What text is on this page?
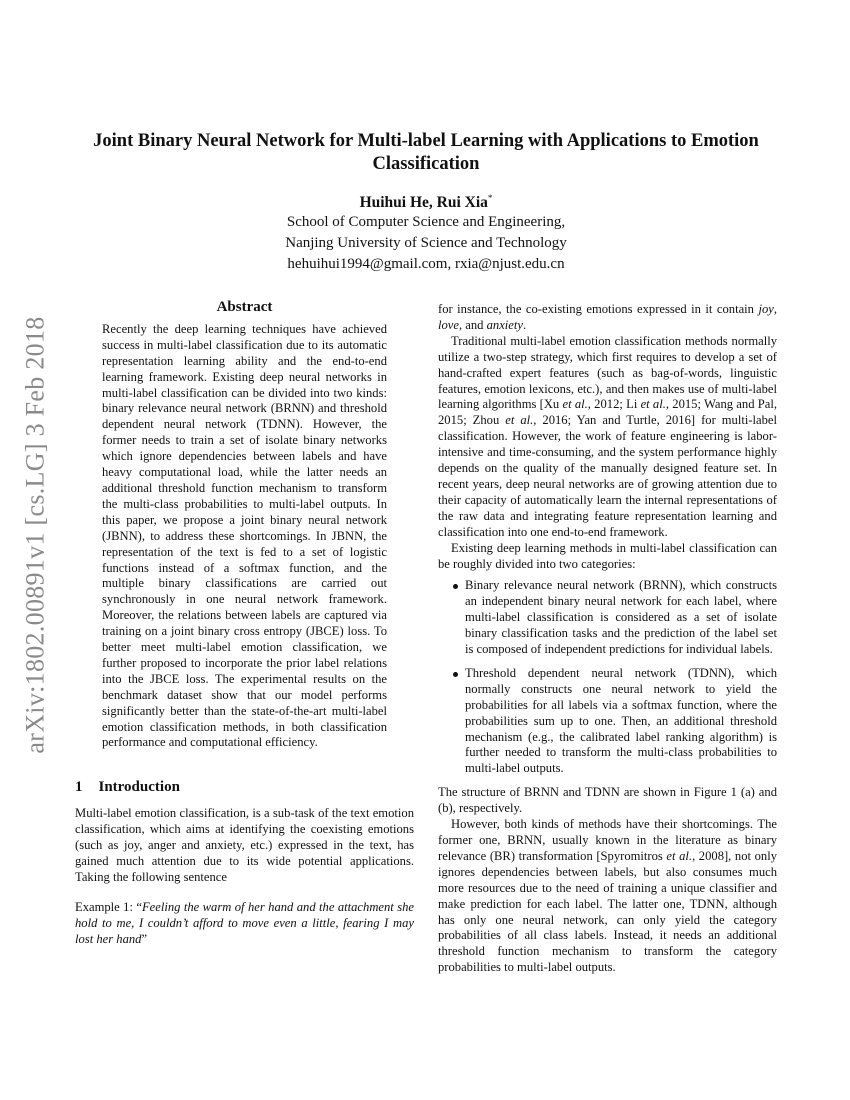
arXiv:1802.00891v1 [cs.LG] 3 Feb 2018
Joint Binary Neural Network for Multi-label Learning with Applications to Emotion Classification
Huihui He, Rui Xia*
School of Computer Science and Engineering,
Nanjing University of Science and Technology
hehuihui1994@gmail.com, rxia@njust.edu.cn
Abstract

Recently the deep learning techniques have achieved success in multi-label classification due to its automatic representation learning ability and the end-to-end learning framework. Existing deep neural networks in multi-label classification can be divided into two kinds: binary relevance neural network (BRNN) and threshold dependent neural network (TDNN). However, the former needs to train a set of isolate binary networks which ignore dependencies between labels and have heavy computational load, while the latter needs an additional threshold function mechanism to transform the multi-class probabilities to multi-label outputs. In this paper, we propose a joint binary neural network (JBNN), to address these shortcomings. In JBNN, the representation of the text is fed to a set of logistic functions instead of a softmax function, and the multiple binary classifications are carried out synchronously in one neural network framework. Moreover, the relations between labels are captured via training on a joint binary cross entropy (JBCE) loss. To better meet multi-label emotion classification, we further proposed to incorporate the prior label relations into the JBCE loss. The experimental results on the benchmark dataset show that our model performs significantly better than the state-of-the-art multi-label emotion classification methods, in both classification performance and computational efficiency.

1 Introduction

Multi-label emotion classification, is a sub-task of the text emotion classification, which aims at identifying the coexisting emotions (such as joy, anger and anxiety, etc.) expressed in the text, has gained much attention due to its wide potential applications. Taking the following sentence

Example 1: “Feeling the warm of her hand and the attachment she hold to me, I couldn’t afford to move even a little, fearing I may lost her hand”

for instance, the co-existing emotions expressed in it contain joy, love, and anxiety.

Traditional multi-label emotion classification methods normally utilize a two-step strategy, which first requires to develop a set of hand-crafted expert features (such as bag-of-words, linguistic features, emotion lexicons, etc.), and then makes use of multi-label learning algorithms [Xu et al., 2012; Li et al., 2015; Wang and Pal, 2015; Zhou et al., 2016; Yan and Turtle, 2016] for multi-label classification. However, the work of feature engineering is labor-intensive and time-consuming, and the system performance highly depends on the quality of the manually designed feature set. In recent years, deep neural networks are of growing attention due to their capacity of automatically learn the internal representations of the raw data and integrating feature representation learning and classification into one end-to-end framework.

Existing deep learning methods in multi-label classification can be roughly divided into two categories:

Binary relevance neural network (BRNN), which constructs an independent binary neural network for each label, where multi-label classification is considered as a set of isolate binary classification tasks and the prediction of the label set is composed of independent predictions for individual labels.
Threshold dependent neural network (TDNN), which normally constructs one neural network to yield the probabilities for all labels via a softmax function, where the probabilities sum up to one. Then, an additional threshold mechanism (e.g., the calibrated label ranking algorithm) is further needed to transform the multi-class probabilities to multi-label outputs.

The structure of BRNN and TDNN are shown in Figure 1 (a) and (b), respectively.

However, both kinds of methods have their shortcomings. The former one, BRNN, usually known in the literature as binary relevance (BR) transformation [Spyromitros et al., 2008], not only ignores dependencies between labels, but also consumes much more resources due to the need of training a unique classifier and make prediction for each label. The latter one, TDNN, although has only one neural network, can only yield the category probabilities of all class labels. Instead, it needs an additional threshold function mechanism to transform the category probabilities to multi-label outputs.
